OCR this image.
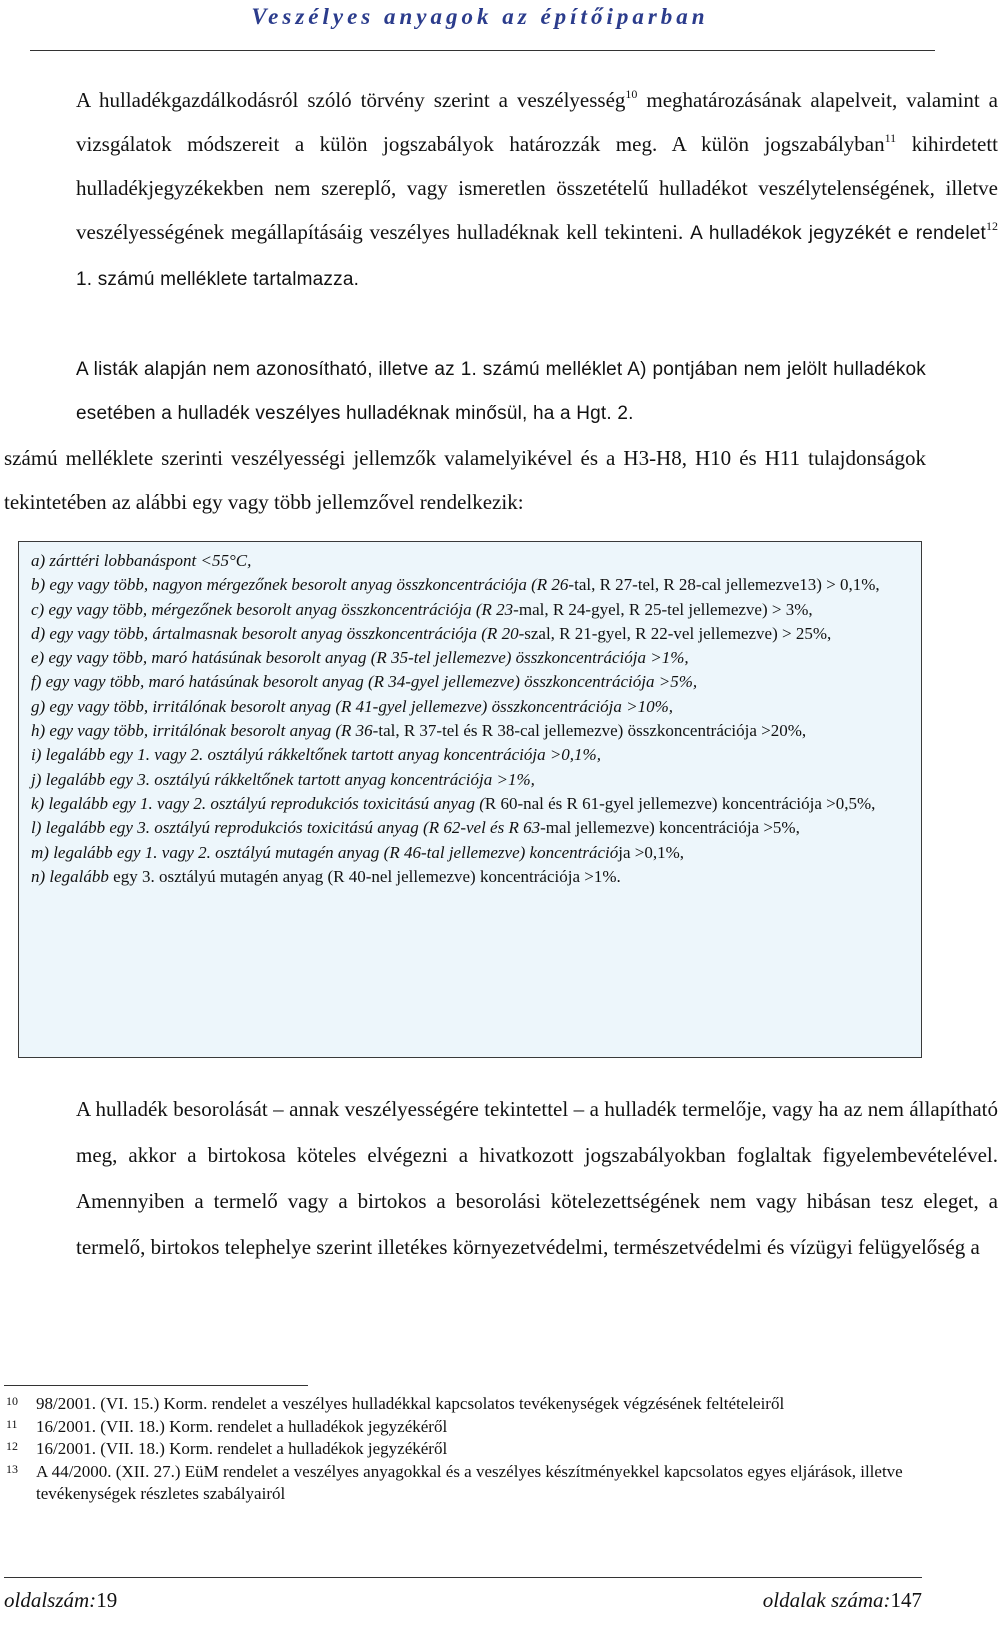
Veszélyes anyagok az építőiparban

A hulladékgazdálkodásról szóló törvény szerint a veszélyesség$^{10}$ meghatározásának alapelveit, valamint a vizsgálatok módszereit a külön jogszabályok határozzák meg. A külön jogszabályban$^{11}$ kihirdetett hulladékjegyzékekben nem szereplő, vagy ismeretlen összetételű hulladékot veszélytelenségének, illetve veszélyességének megállapításáig veszélyes hulladéknak kell tekinteni. A hulladékok jegyzékét e rendelet$^{12}$ 1. számú melléklete tartalmazza.

A listák alapján nem azonosítható, illetve az 1. számú melléklet A) pontjában nem jelölt hulladékok esetében a hulladék veszélyes hulladéknak minősül, ha a Hgt. 2.
számú melléklete szerinti veszélyességi jellemzők valamelyikével és a H3-H8, H10 és H11 tulajdonságok tekintetében az alábbi egy vagy több jellemzővel rendelkezik:

a) zárttéri lobbanáspont <55°C,
b) egy vagy több, nagyon mérgezőnek besorolt anyag összkoncentrációja (R 26-tal, R 27-tel, R 28-cal jellemezve13) > 0,1%,
c) egy vagy több, mérgezőnek besorolt anyag összkoncentrációja (R 23-mal, R 24-gyel, R 25-tel jellemezve) > 3%,
d) egy vagy több, ártalmasnak besorolt anyag összkoncentrációja (R 20-szal, R 21-gyel, R 22-vel jellemezve) > 25%,
e) egy vagy több, maró hatásúnak besorolt anyag (R 35-tel jellemezve) összkoncentrációja >1%,
f) egy vagy több, maró hatásúnak besorolt anyag (R 34-gyel jellemezve) összkoncentrációja >5%,
g) egy vagy több, irritálónak besorolt anyag (R 41-gyel jellemezve) összkoncentrációja >10%,
h) egy vagy több, irritálónak besorolt anyag (R 36-tal, R 37-tel és R 38-cal jellemezve) összkoncentrációja >20%,
i) legalább egy 1. vagy 2. osztályú rákkeltőnek tartott anyag koncentrációja >0,1%,
j) legalább egy 3. osztályú rákkeltőnek tartott anyag koncentrációja >1%,
k) legalább egy 1. vagy 2. osztályú reprodukciós toxicitású anyag (R 60-nal és R 61-gyel jellemezve) koncentrációja >0,5%,
l) legalább egy 3. osztályú reprodukciós toxicitású anyag (R 62-vel és R 63-mal jellemezve) koncentrációja >5%,
m) legalább egy 1. vagy 2. osztályú mutagén anyag (R 46-tal jellemezve) koncentrációja >0,1%,
n) legalább egy 3. osztályú mutagén anyag (R 40-nel jellemezve) koncentrációja >1%.

A hulladék besorolását – annak veszélyességére tekintettel – a hulladék termelője, vagy ha az nem állapítható meg, akkor a birtokosa köteles elvégezni a hivatkozott jogszabályokban foglaltak figyelembevételével. Amennyiben a termelő vagy a birtokos a besorolási kötelezettségének nem vagy hibásan tesz eleget, a termelő, birtokos telephelye szerint illetékes környezetvédelmi, természetvédelmi és vízügyi felügyelőség a

10 98/2001. (VI. 15.) Korm. rendelet a veszélyes hulladékkal kapcsolatos tevékenységek végzésének feltételeiről
11 16/2001. (VII. 18.) Korm. rendelet a hulladékok jegyzékéről
12 16/2001. (VII. 18.) Korm. rendelet a hulladékok jegyzékéről
13 A 44/2000. (XII. 27.) EüM rendelet a veszélyes anyagokkal és a veszélyes készítményekkel kapcsolatos egyes eljárások, illetve tevékenységek részletes szabályairól
oldalszám:19	oldalak száma:147
